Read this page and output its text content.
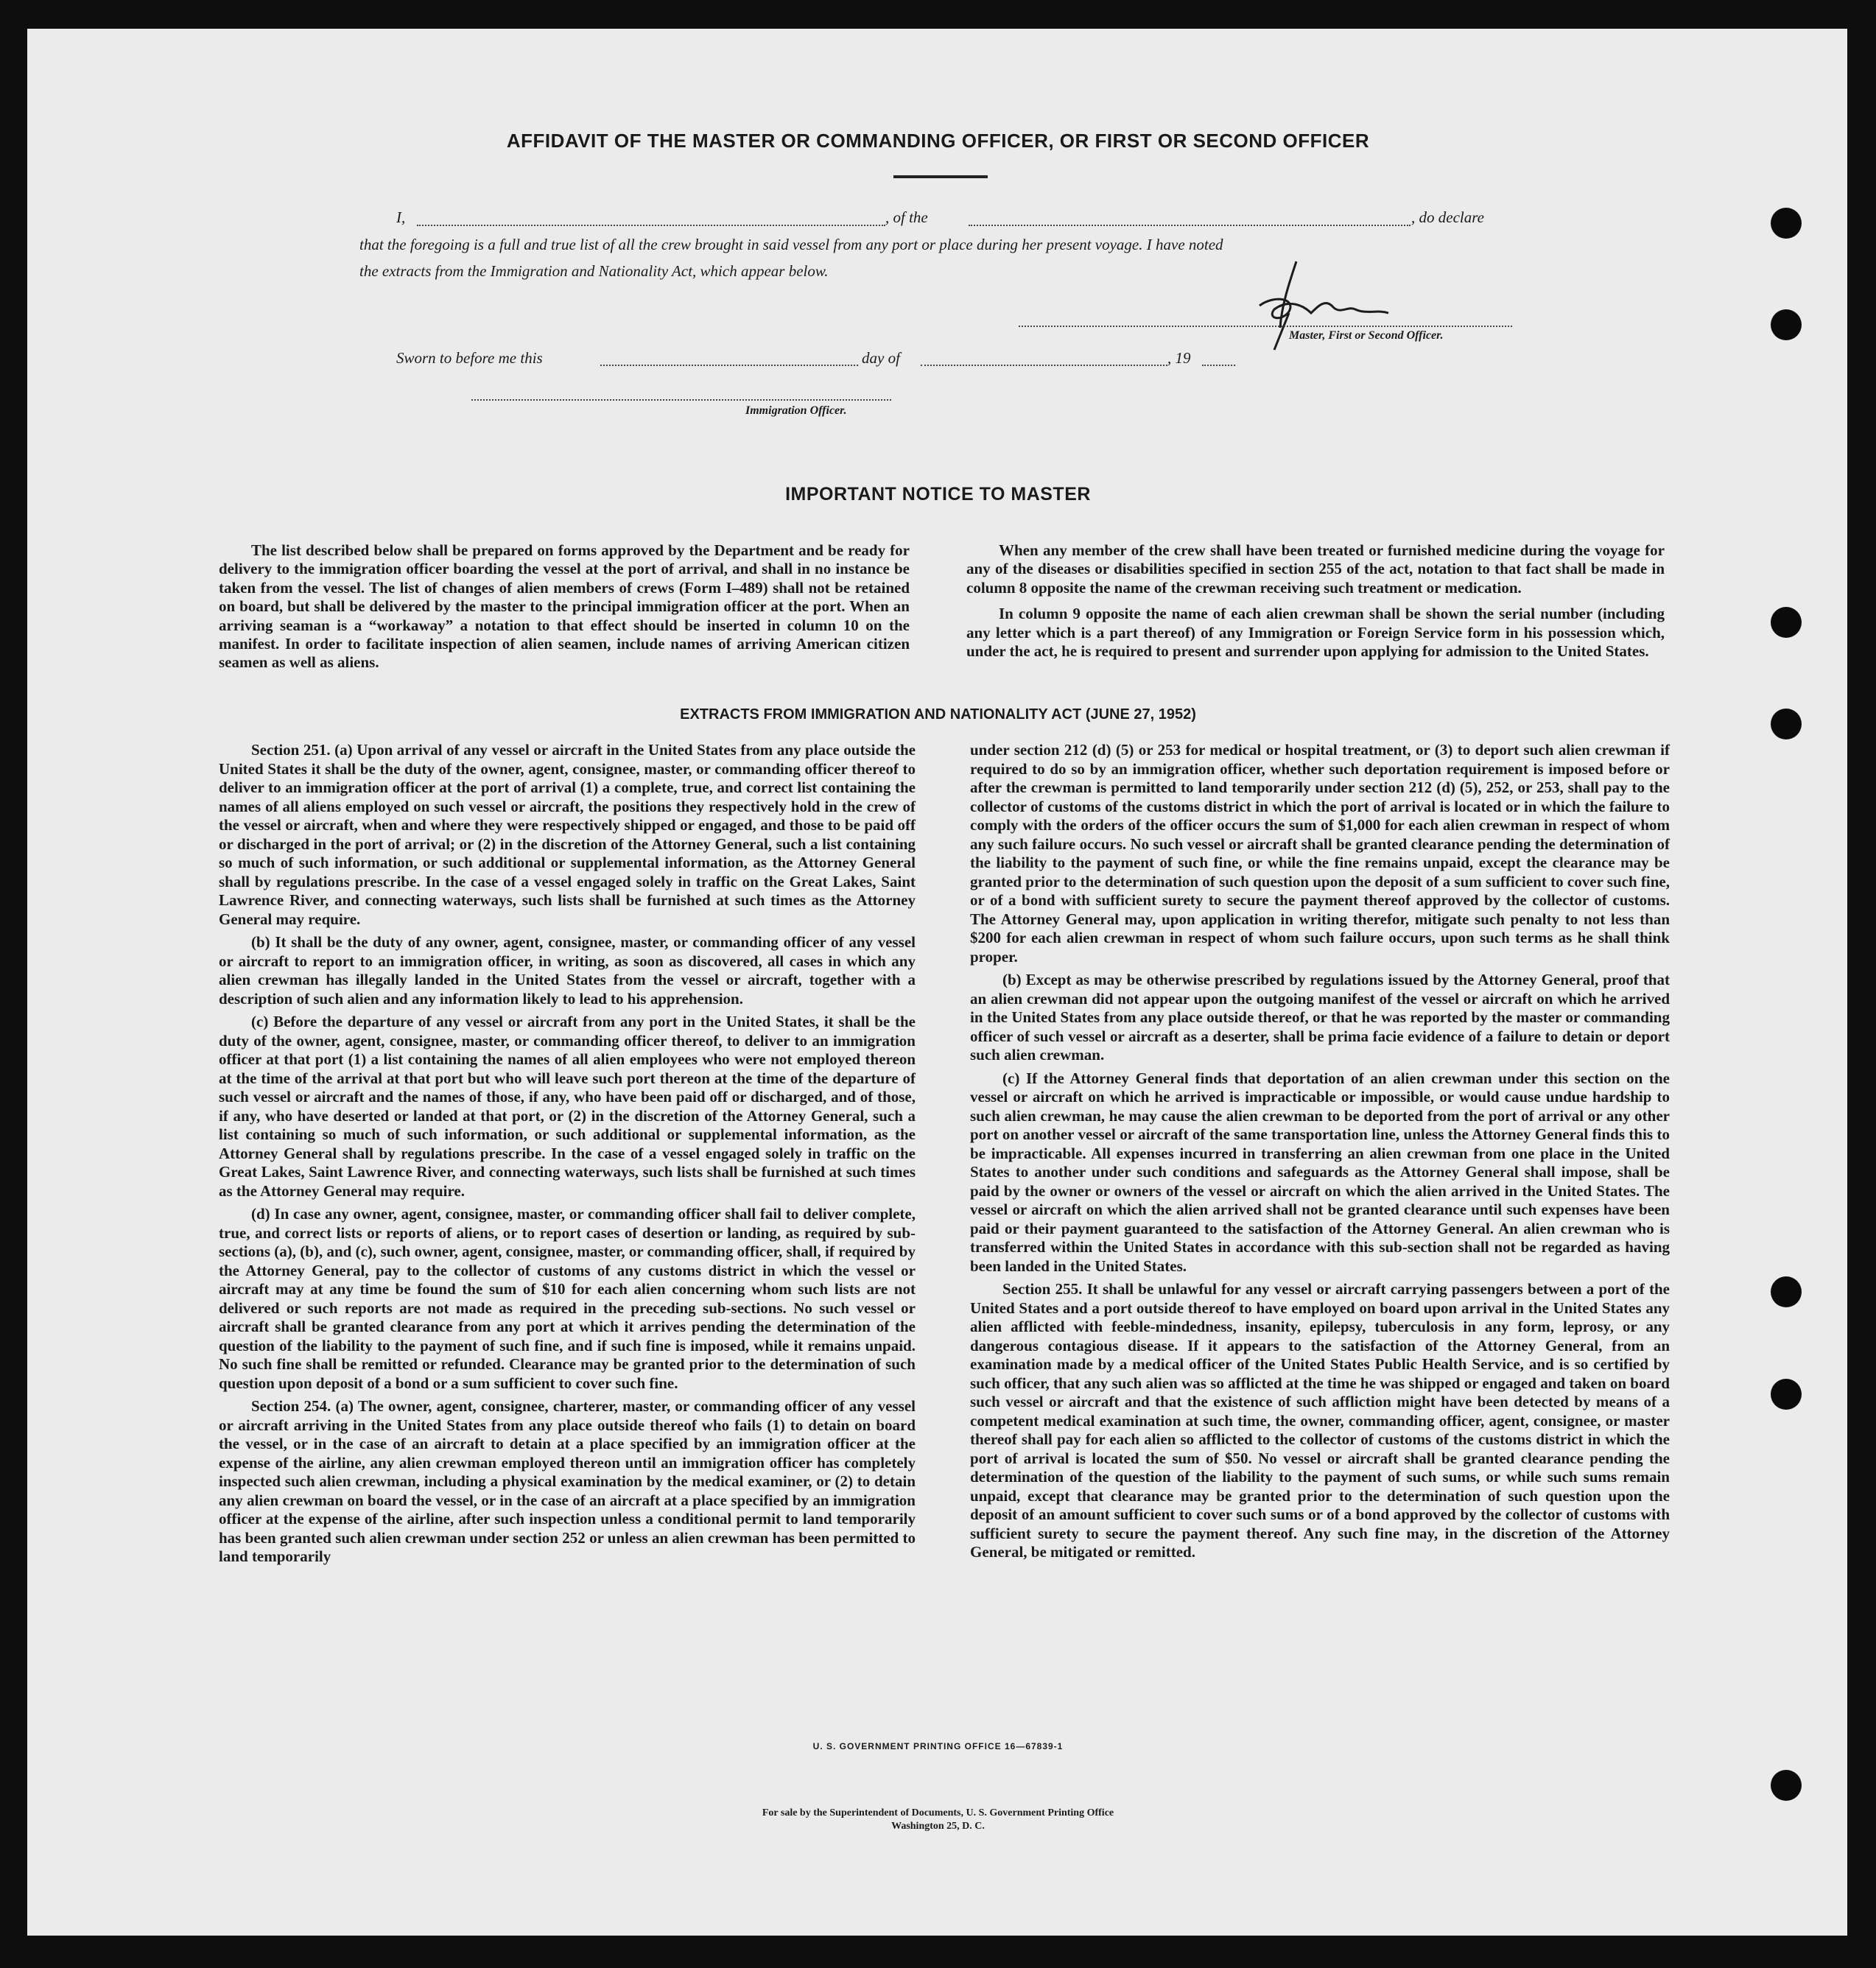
AFFIDAVIT OF THE MASTER OR COMMANDING OFFICER, OR FIRST OR SECOND OFFICER
I,	, of the	, do declare
that the foregoing is a full and true list of all the crew brought in said vessel from any port or place during her present voyage. I have noted
the extracts from the Immigration and Nationality Act, which appear below.
Master, First or Second Officer.
Sworn to before me this	day of	, 19
Immigration Officer.
IMPORTANT NOTICE TO MASTER

The list described below shall be prepared on forms approved by the Department and be ready for delivery to the immigration officer boarding the vessel at the port of arrival, and shall in no instance be taken from the vessel. The list of changes of alien members of crews (Form I–489) shall not be retained on board, but shall be delivered by the master to the principal immigration officer at the port. When an arriving seaman is a “workaway” a notation to that effect should be inserted in column 10 on the manifest. In order to facilitate inspection of alien seamen, include names of arriving American citizen seamen as well as aliens.

When any member of the crew shall have been treated or furnished medicine during the voyage for any of the diseases or disabilities specified in section 255 of the act, notation to that fact shall be made in column 8 opposite the name of the crewman receiving such treatment or medication.

In column 9 opposite the name of each alien crewman shall be shown the serial number (including any letter which is a part thereof) of any Immigration or Foreign Service form in his possession which, under the act, he is required to present and surrender upon applying for admission to the United States.

EXTRACTS FROM IMMIGRATION AND NATIONALITY ACT (JUNE 27, 1952)

Section 251. (a) Upon arrival of any vessel or aircraft in the United States from any place outside the United States it shall be the duty of the owner, agent, consignee, master, or commanding officer thereof to deliver to an immigration officer at the port of arrival (1) a complete, true, and correct list containing the names of all aliens employed on such vessel or aircraft, the positions they respectively hold in the crew of the vessel or aircraft, when and where they were respectively shipped or engaged, and those to be paid off or discharged in the port of arrival; or (2) in the discretion of the Attorney General, such a list containing so much of such information, or such additional or supplemental information, as the Attorney General shall by regulations prescribe. In the case of a vessel engaged solely in traffic on the Great Lakes, Saint Lawrence River, and connecting waterways, such lists shall be furnished at such times as the Attorney General may require.

(b) It shall be the duty of any owner, agent, consignee, master, or commanding officer of any vessel or aircraft to report to an immigration officer, in writing, as soon as discovered, all cases in which any alien crewman has illegally landed in the United States from the vessel or aircraft, together with a description of such alien and any information likely to lead to his apprehension.

(c) Before the departure of any vessel or aircraft from any port in the United States, it shall be the duty of the owner, agent, consignee, master, or commanding officer thereof, to deliver to an immigration officer at that port (1) a list containing the names of all alien employees who were not employed thereon at the time of the arrival at that port but who will leave such port thereon at the time of the departure of such vessel or aircraft and the names of those, if any, who have been paid off or discharged, and of those, if any, who have deserted or landed at that port, or (2) in the discretion of the Attorney General, such a list containing so much of such information, or such additional or supplemental information, as the Attorney General shall by regulations prescribe. In the case of a vessel engaged solely in traffic on the Great Lakes, Saint Lawrence River, and connecting waterways, such lists shall be furnished at such times as the Attorney General may require.

(d) In case any owner, agent, consignee, master, or commanding officer shall fail to deliver complete, true, and correct lists or reports of aliens, or to report cases of desertion or landing, as required by sub-sections (a), (b), and (c), such owner, agent, consignee, master, or commanding officer, shall, if required by the Attorney General, pay to the collector of customs of any customs district in which the vessel or aircraft may at any time be found the sum of $10 for each alien concerning whom such lists are not delivered or such reports are not made as required in the preceding sub-sections. No such vessel or aircraft shall be granted clearance from any port at which it arrives pending the determination of the question of the liability to the payment of such fine, and if such fine is imposed, while it remains unpaid. No such fine shall be remitted or refunded. Clearance may be granted prior to the determination of such question upon deposit of a bond or a sum sufficient to cover such fine.

Section 254. (a) The owner, agent, consignee, charterer, master, or commanding officer of any vessel or aircraft arriving in the United States from any place outside thereof who fails (1) to detain on board the vessel, or in the case of an aircraft to detain at a place specified by an immigration officer at the expense of the airline, any alien crewman employed thereon until an immigration officer has completely inspected such alien crewman, including a physical examination by the medical examiner, or (2) to detain any alien crewman on board the vessel, or in the case of an aircraft at a place specified by an immigration officer at the expense of the airline, after such inspection unless a conditional permit to land temporarily has been granted such alien crewman under section 252 or unless an alien crewman has been permitted to land temporarily

under section 212 (d) (5) or 253 for medical or hospital treatment, or (3) to deport such alien crewman if required to do so by an immigration officer, whether such deportation requirement is imposed before or after the crewman is permitted to land temporarily under section 212 (d) (5), 252, or 253, shall pay to the collector of customs of the customs district in which the port of arrival is located or in which the failure to comply with the orders of the officer occurs the sum of $1,000 for each alien crewman in respect of whom any such failure occurs. No such vessel or aircraft shall be granted clearance pending the determination of the liability to the payment of such fine, or while the fine remains unpaid, except the clearance may be granted prior to the determination of such question upon the deposit of a sum sufficient to cover such fine, or of a bond with sufficient surety to secure the payment thereof approved by the collector of customs. The Attorney General may, upon application in writing therefor, mitigate such penalty to not less than $200 for each alien crewman in respect of whom such failure occurs, upon such terms as he shall think proper.

(b) Except as may be otherwise prescribed by regulations issued by the Attorney General, proof that an alien crewman did not appear upon the outgoing manifest of the vessel or aircraft on which he arrived in the United States from any place outside thereof, or that he was reported by the master or commanding officer of such vessel or aircraft as a deserter, shall be prima facie evidence of a failure to detain or deport such alien crewman.

(c) If the Attorney General finds that deportation of an alien crewman under this section on the vessel or aircraft on which he arrived is impracticable or impossible, or would cause undue hardship to such alien crewman, he may cause the alien crewman to be deported from the port of arrival or any other port on another vessel or aircraft of the same transportation line, unless the Attorney General finds this to be impracticable. All expenses incurred in transferring an alien crewman from one place in the United States to another under such conditions and safeguards as the Attorney General shall impose, shall be paid by the owner or owners of the vessel or aircraft on which the alien arrived in the United States. The vessel or aircraft on which the alien arrived shall not be granted clearance until such expenses have been paid or their payment guaranteed to the satisfaction of the Attorney General. An alien crewman who is transferred within the United States in accordance with this sub-section shall not be regarded as having been landed in the United States.

Section 255. It shall be unlawful for any vessel or aircraft carrying passengers between a port of the United States and a port outside thereof to have employed on board upon arrival in the United States any alien afflicted with feeble-mindedness, insanity, epilepsy, tuberculosis in any form, leprosy, or any dangerous contagious disease. If it appears to the satisfaction of the Attorney General, from an examination made by a medical officer of the United States Public Health Service, and is so certified by such officer, that any such alien was so afflicted at the time he was shipped or engaged and taken on board such vessel or aircraft and that the existence of such affliction might have been detected by means of a competent medical examination at such time, the owner, commanding officer, agent, consignee, or master thereof shall pay for each alien so afflicted to the collector of customs of the customs district in which the port of arrival is located the sum of $50. No vessel or aircraft shall be granted clearance pending the determination of the question of the liability to the payment of such sums, or while such sums remain unpaid, except that clearance may be granted prior to the determination of such question upon the deposit of an amount sufficient to cover such sums or of a bond approved by the collector of customs with sufficient surety to secure the payment thereof. Any such fine may, in the discretion of the Attorney General, be mitigated or remitted.

U. S. GOVERNMENT PRINTING OFFICE 16—67839-1
For sale by the Superintendent of Documents, U. S. Government Printing Office
Washington 25, D. C.
